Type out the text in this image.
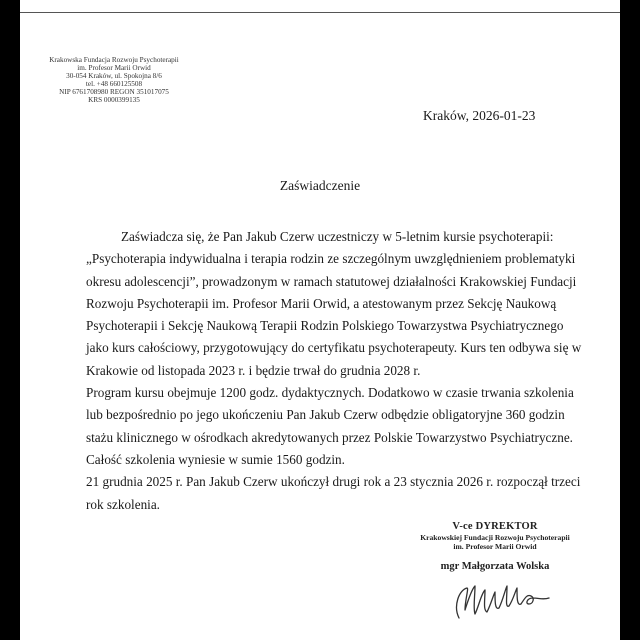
Krakowska Fundacja Rozwoju Psychoterapii
im. Profesor Marii Orwid
30-054 Kraków, ul. Spokojna 8/6
tel. +48 660125508
NIP 6761708980 REGON 351017075
KRS 0000399135
Kraków, 2026-01-23
Zaświadczenie
Zaświadcza się, że Pan Jakub Czerw uczestniczy w 5-letnim kursie psychoterapii:
„Psychoterapia indywidualna i terapia rodzin ze szczególnym uwzględnieniem problematyki
okresu adolescencji”, prowadzonym w ramach statutowej działalności Krakowskiej Fundacji
Rozwoju Psychoterapii im. Profesor Marii Orwid, a atestowanym przez Sekcję Naukową
Psychoterapii i Sekcję Naukową Terapii Rodzin Polskiego Towarzystwa Psychiatrycznego
jako kurs całościowy, przygotowujący do certyfikatu psychoterapeuty. Kurs ten odbywa się w
Krakowie od listopada 2023 r. i będzie trwał do grudnia 2028 r.
Program kursu obejmuje 1200 godz. dydaktycznych. Dodatkowo w czasie trwania szkolenia
lub bezpośrednio po jego ukończeniu Pan Jakub Czerw odbędzie obligatoryjne 360 godzin
stażu klinicznego w ośrodkach akredytowanych przez Polskie Towarzystwo Psychiatryczne.
Całość szkolenia wyniesie w sumie 1560 godzin.
21 grudnia 2025 r. Pan Jakub Czerw ukończył drugi rok a 23 stycznia 2026 r. rozpoczął trzeci
rok szkolenia.
V-ce DYREKTOR
Krakowskiej Fundacji Rozwoju Psychoterapii
im. Profesor Marii Orwid
mgr Małgorzata Wolska
